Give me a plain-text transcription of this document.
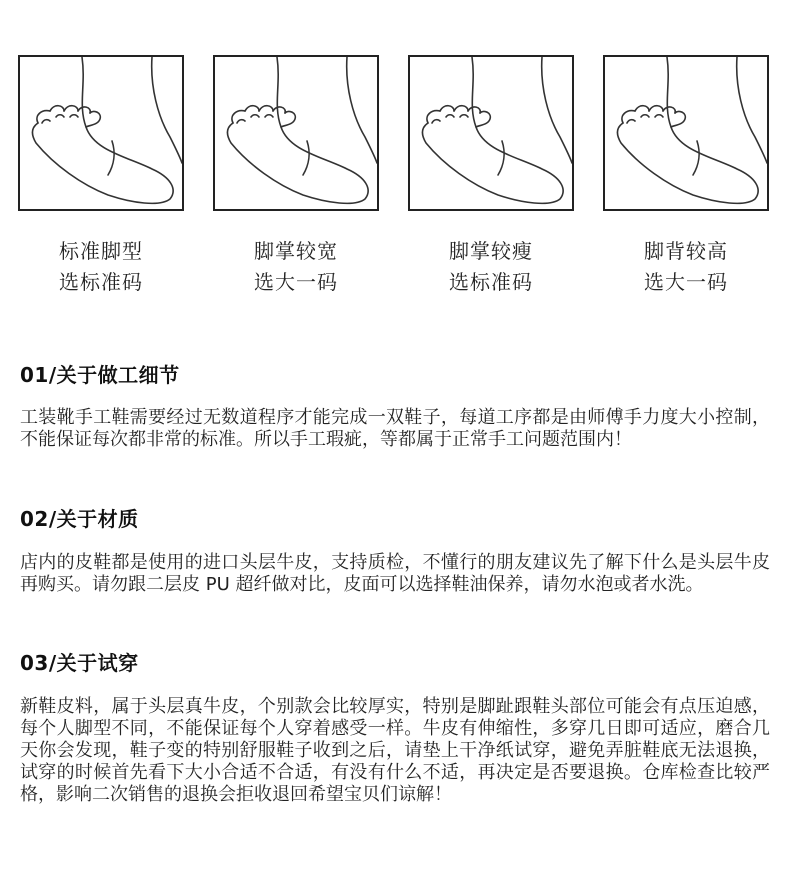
标准脚型
选标准码
脚掌较宽
选大一码
脚掌较瘦
选标准码
脚背较高
选大一码
01/关于做工细节

工装靴手工鞋需要经过无数道程序才能完成一双鞋子，每道工序都是由师傅手力度大小控制，不能保证每次都非常的标准。所以手工瑕疵，等都属于正常手工问题范围内！

02/关于材质

店内的皮鞋都是使用的进口头层牛皮，支持质检，不懂行的朋友建议先了解下什么是头层牛皮再购买。请勿跟二层皮 PU 超纤做对比，皮面可以选择鞋油保养，请勿水泡或者水洗。

03/关于试穿

新鞋皮料，属于头层真牛皮，个别款会比较厚实，特别是脚趾跟鞋头部位可能会有点压迫感，每个人脚型不同，不能保证每个人穿着感受一样。牛皮有伸缩性，多穿几日即可适应，磨合几天你会发现，鞋子变的特别舒服鞋子收到之后，请垫上干净纸试穿，避免弄脏鞋底无法退换，试穿的时候首先看下大小合适不合适，有没有什么不适，再决定是否要退换。仓库检查比较严格，影响二次销售的退换会拒收退回希望宝贝们谅解！
